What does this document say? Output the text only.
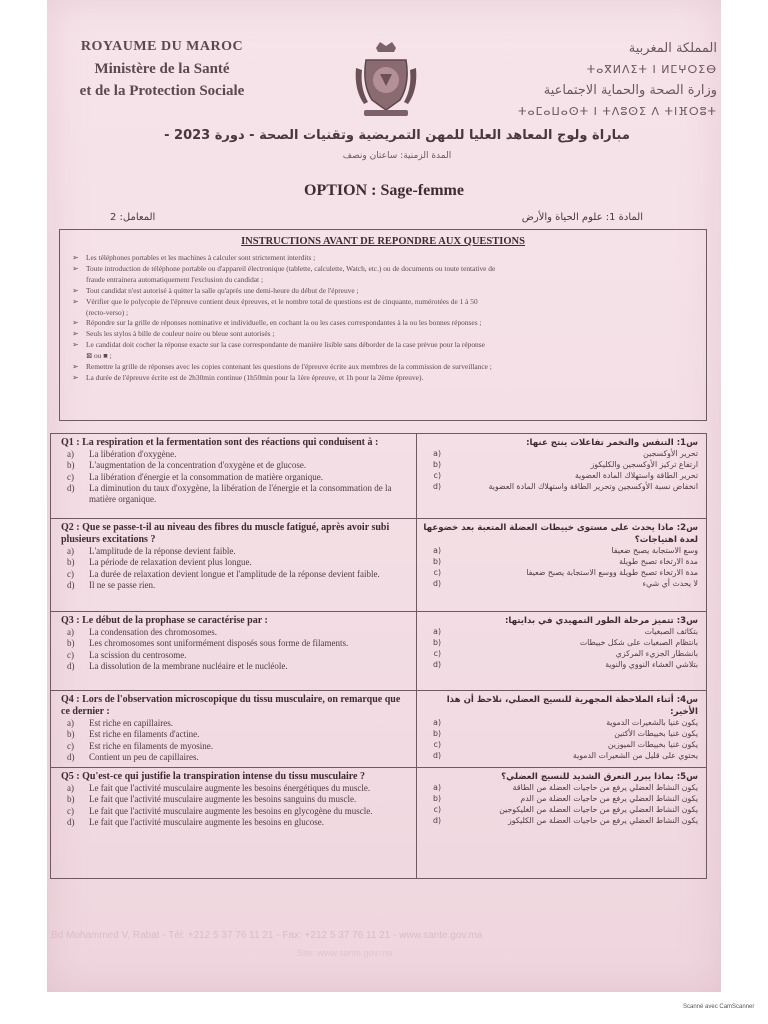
ROYAUME DU MAROC
Ministère de la Santé
et de la Protection Sociale
المملكة المغربية
ⵜⴰⴳⵍⴷⵉⵜ ⵏ ⵍⵎⵖⵔⵉⴱ
وزارة الصحة والحماية الاجتماعية
ⵜⴰⵎⴰⵡⴰⵙⵜ ⵏ ⵜⴷⵓⵙⵉ ⴷ ⵜⵏⴼⵔⵓⵜ
مباراة ولوج المعاهد العليا للمهن التمريضية وتقنيات الصحة - دورة 2023 -
المدة الزمنية: ساعتان ونصف
OPTION : Sage-femme
المعامل: 2	المادة 1: علوم الحياة والأرض
INSTRUCTIONS AVANT DE REPONDRE AUX QUESTIONS
➢ Les téléphones portables et les machines à calculer sont strictement interdits ;
➢ Toute introduction de téléphone portable ou d'appareil électronique (tablette, calculette, Watch, etc.) ou de documents ou toute tentative de
fraude entrainera automatiquement l'exclusion du candidat ;
➢ Tout candidat n'est autorisé à quitter la salle qu'après une demi-heure du début de l'épreuve ;
➢ Vérifier que le polycopie de l'épreuve contient deux épreuves, et le nombre total de questions est de cinquante, numérotées de 1 à 50
(recto-verso) ;
➢ Répondre sur la grille de réponses nominative et individuelle, en cochant la ou les cases correspondantes à la ou les bonnes réponses ;
➢ Seuls les stylos à bille de couleur noire ou bleue sont autorisés ;
➢ Le candidat doit cocher la réponse exacte sur la case correspondante de manière lisible sans déborder de la case prévue pour la réponse
⊠ ou ■ ;
➢ Remettre la grille de réponses avec les copies contenant les questions de l'épreuve écrite aux membres de la commission de surveillance ;
➢ La durée de l'épreuve écrite est de 2h30min continue (1h50min pour la 1ère épreuve, et 1h pour la 2ème épreuve).
Q1 : La respiration et la fermentation sont des réactions qui conduisent à :
a)	La libération d'oxygène.
b)	L'augmentation de la concentration d'oxygène et de glucose.
c)	La libération d'énergie et la consommation de matière organique.
d)	La diminution du taux d'oxygène, la libération de l'énergie et la consommation de la matière organique.
س1: التنفس والتخمر تفاعلات ينتج عنها:
تحرير الأوكسجين
a)
ارتفاع تركيز الأوكسجين والكليكوز
b)
تحرير الطاقة واستهلاك المادة العضوية
c)
انخفاض نسبة الأوكسجين وتحرير الطاقة واستهلاك المادة العضوية
d)
Q2 : Que se passe-t-il au niveau des fibres du muscle fatigué, après avoir subi plusieurs excitations ?
a)	L'amplitude de la réponse devient faible.
b)	La période de relaxation devient plus longue.
c)	La durée de relaxation devient longue et l'amplitude de la réponse devient faible.
d)	Il ne se passe rien.
س2: ماذا يحدث على مستوى خييطات العضلة المتعبة بعد خضوعها لعدة اهتياجات؟
وسع الاستجابة يصبح ضعيفا
a)
مدة الارتخاء تصبح طويلة
b)
مدة الارتخاء تصبح طويلة ووسع الاستجابة يصبح ضعيفا
c)
لا يحدث أي شيء
d)
Q3 : Le début de la prophase se caractérise par :
a)	La condensation des chromosomes.
b)	Les chromosomes sont uniformément disposés sous forme de filaments.
c)	La scission du centrosome.
d)	La dissolution de la membrane nucléaire et le nucléole.
س3: تتميز مرحلة الطور التمهيدي في بدايتها:
بتكاثف الصبغيات
a)
بانتظام الصبغيات على شكل خييطات
b)
بانشطار الجزيء المركزي
c)
بتلاشي الغشاء النووي والنوية
d)
Q4 : Lors de l'observation microscopique du tissu musculaire, on remarque que ce dernier :
a)	Est riche en capillaires.
b)	Est riche en filaments d'actine.
c)	Est riche en filaments de myosine.
d)	Contient un peu de capillaires.
س4: أثناء الملاحظة المجهرية للنسيج العضلي، نلاحظ أن هذا الأخير:
يكون غنيا بالشعيرات الدموية
a)
يكون غنيا بخييطات الأكتين
b)
يكون غنيا بخييطات الميوزين
c)
يحتوي على قليل من الشعيرات الدموية
d)
Q5 : Qu'est-ce qui justifie la transpiration intense du tissu musculaire ?
a)	Le fait que l'activité musculaire augmente les besoins énergétiques du muscle.
b)	Le fait que l'activité musculaire augmente les besoins sanguins du muscle.
c)	Le fait que l'activité musculaire augmente les besoins en glycogène du muscle.
d)	Le fait que l'activité musculaire augmente les besoins en glucose.
س5: بماذا يبرر التعرق الشديد للنسيج العضلي؟
يكون النشاط العضلي يرفع من حاجيات العضلة من الطاقة
a)
يكون النشاط العضلي يرفع من حاجيات العضلة من الدم
b)
يكون النشاط العضلي يرفع من حاجيات العضلة من الغليكوجين
c)
يكون النشاط العضلي يرفع من حاجيات العضلة من الكليكوز
d)
Bd Mohammed V, Rabat - Tél: +212 5 37 76 11 21 - Fax: +212 5 37 76 11 21 - www.sante.gov.ma
Site: www.sante.gov.ma
Scanné avec CamScanner
